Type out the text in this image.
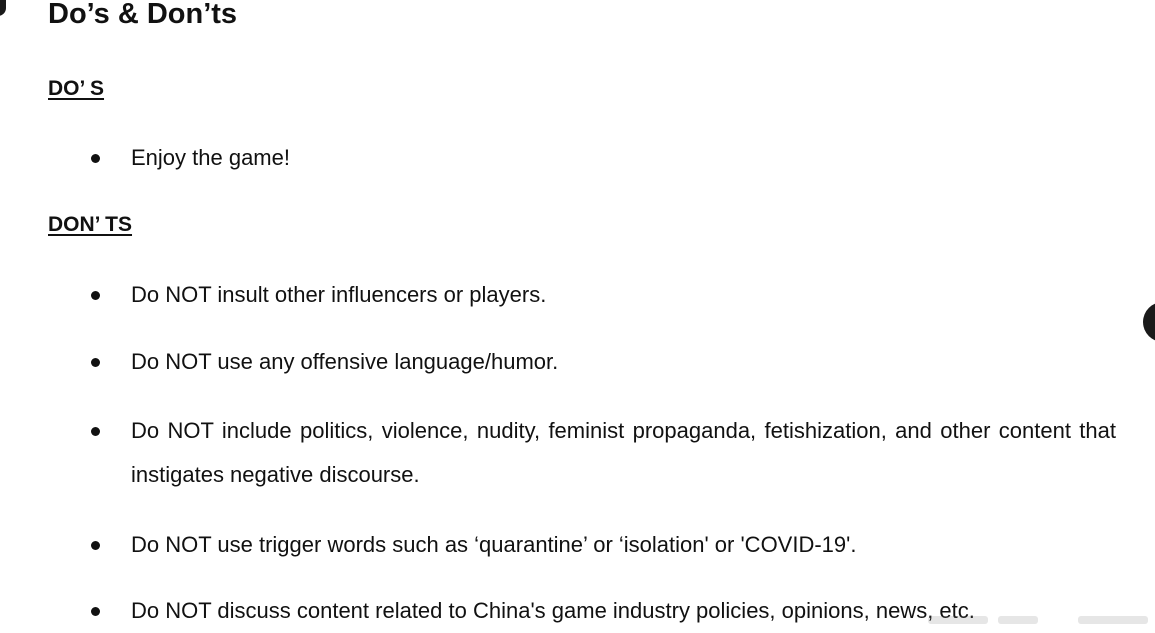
Do’s & Don’ts
DO’ S

Enjoy the game!

DON’ TS

Do NOT insult other influencers or players.

Do NOT use any offensive language/humor.

Do NOT include politics, violence, nudity, feminist propaganda, fetishization, and other content that instigates negative discourse.

Do NOT use trigger words such as ‘quarantine’ or ‘isolation' or 'COVID-19'.

Do NOT discuss content related to China's game industry policies, opinions, news, etc.
